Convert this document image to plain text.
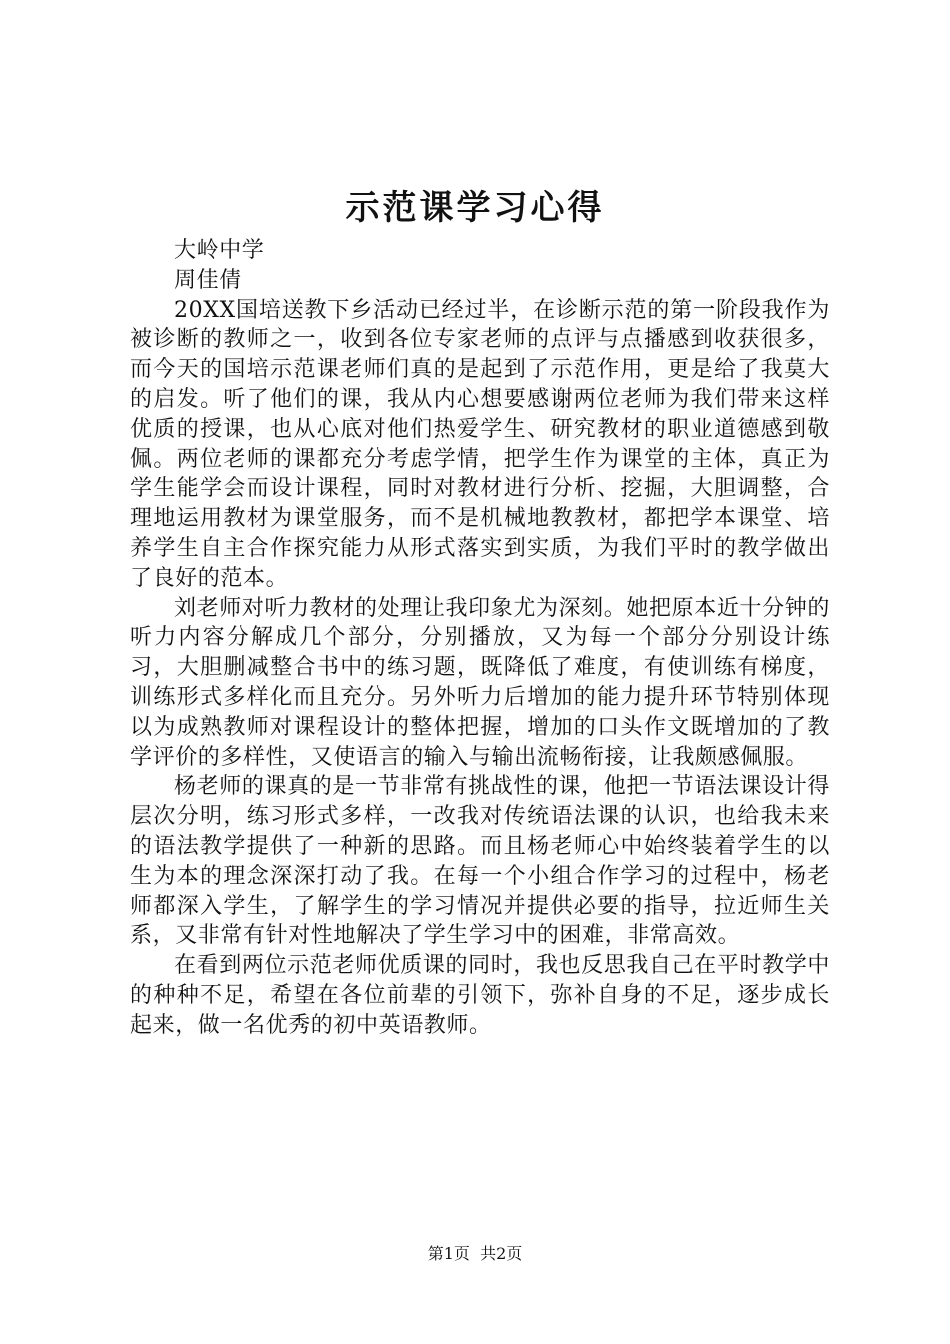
示范课学习心得
大岭中学
周佳倩

20XX国培送教下乡活动已经过半，在诊断示范的第一阶段我作为被诊断的教师之一，收到各位专家老师的点评与点播感到收获很多，而今天的国培示范课老师们真的是起到了示范作用，更是给了我莫大的启发。听了他们的课，我从内心想要感谢两位老师为我们带来这样优质的授课，也从心底对他们热爱学生、研究教材的职业道德感到敬佩。两位老师的课都充分考虑学情，把学生作为课堂的主体，真正为学生能学会而设计课程，同时对教材进行分析、挖掘，大胆调整，合理地运用教材为课堂服务，而不是机械地教教材，都把学本课堂、培养学生自主合作探究能力从形式落实到实质，为我们平时的教学做出了良好的范本。

刘老师对听力教材的处理让我印象尤为深刻。她把原本近十分钟的听力内容分解成几个部分，分别播放，又为每一个部分分别设计练习，大胆删减整合书中的练习题，既降低了难度，有使训练有梯度，训练形式多样化而且充分。另外听力后增加的能力提升环节特别体现以为成熟教师对课程设计的整体把握，增加的口头作文既增加的了教学评价的多样性，又使语言的输入与输出流畅衔接，让我颇感佩服。

杨老师的课真的是一节非常有挑战性的课，他把一节语法课设计得层次分明，练习形式多样，一改我对传统语法课的认识，也给我未来的语法教学提供了一种新的思路。而且杨老师心中始终装着学生的以生为本的理念深深打动了我。在每一个小组合作学习的过程中，杨老师都深入学生，了解学生的学习情况并提供必要的指导，拉近师生关系，又非常有针对性地解决了学生学习中的困难，非常高效。

在看到两位示范老师优质课的同时，我也反思我自己在平时教学中的种种不足，希望在各位前辈的引领下，弥补自身的不足，逐步成长起来，做一名优秀的初中英语教师。

第1页  共2页
